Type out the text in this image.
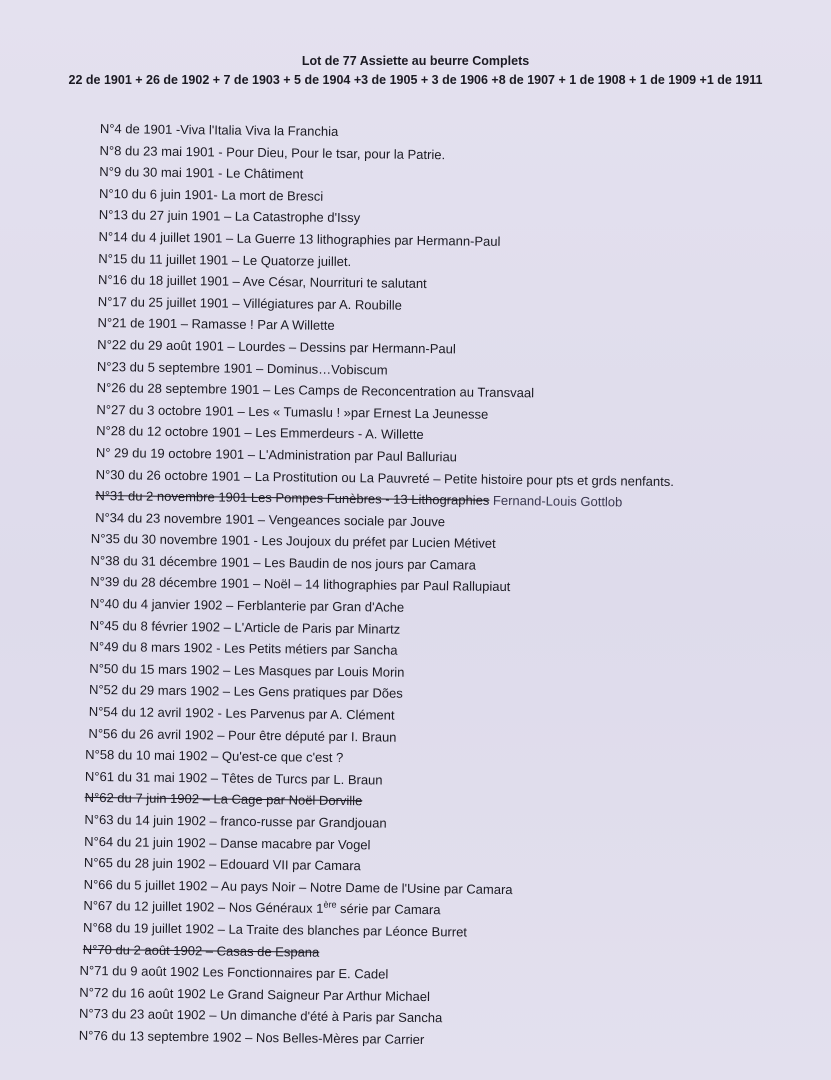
Lot de 77 Assiette au beurre Complets
22 de 1901 + 26 de 1902 + 7 de 1903 + 5 de 1904 +3 de 1905 + 3 de 1906 +8 de 1907 + 1 de 1908 + 1 de 1909 +1 de 1911
N°4 de 1901 -Viva l'Italia Viva la Franchia
N°8 du 23 mai 1901 - Pour Dieu, Pour le tsar, pour la Patrie.
N°9 du 30 mai 1901 - Le Châtiment
N°10 du 6 juin 1901- La mort de Bresci
N°13 du 27 juin 1901 – La Catastrophe d'Issy
N°14 du 4 juillet 1901 – La Guerre 13 lithographies par Hermann-Paul
N°15 du 11 juillet 1901 – Le Quatorze juillet.
N°16 du 18 juillet 1901 – Ave César, Nourrituri te salutant
N°17 du 25 juillet 1901 – Villégiatures par A. Roubille
N°21 de 1901 – Ramasse ! Par A Willette
N°22 du 29 août 1901 – Lourdes – Dessins par Hermann-Paul
N°23 du 5 septembre 1901 – Dominus…Vobiscum
N°26 du 28 septembre 1901 – Les Camps de Reconcentration au Transvaal
N°27 du 3 octobre 1901 – Les « Tumaslu ! »par Ernest La Jeunesse
N°28 du 12 octobre 1901 – Les Emmerdeurs - A. Willette
N° 29 du 19 octobre 1901 – L'Administration par Paul Balluriau
N°30 du 26 octobre 1901 – La Prostitution ou La Pauvreté – Petite histoire pour pts et grds nenfants.
N°31 du 2 novembre 1901 Les Pompes Funèbres - 13 Lithographies Fernand-Louis Gottlob
N°34 du 23 novembre 1901 – Vengeances sociale par Jouve
N°35 du 30 novembre 1901 - Les Joujoux du préfet par Lucien Métivet
N°38 du 31 décembre 1901 – Les Baudin de nos jours par Camara
N°39 du 28 décembre 1901 – Noël – 14 lithographies par Paul Rallupiaut
N°40 du 4 janvier 1902 – Ferblanterie par Gran d'Ache
N°45 du 8 février 1902 – L'Article de Paris par Minartz
N°49 du 8 mars 1902 - Les Petits métiers par Sancha
N°50 du 15 mars 1902 – Les Masques par Louis Morin
N°52 du 29 mars 1902 – Les Gens pratiques par Dões
N°54 du 12 avril 1902 - Les Parvenus par A. Clément
N°56 du 26 avril 1902 – Pour être député par I. Braun
N°58 du 10 mai 1902 – Qu'est-ce que c'est ?
N°61 du 31 mai 1902 – Têtes de Turcs par L. Braun
N°62 du 7 juin 1902 – La Cage par Noël Dorville
N°63 du 14 juin 1902 – franco-russe par Grandjouan
N°64 du 21 juin 1902 – Danse macabre par Vogel
N°65 du 28 juin 1902 – Edouard VII par Camara
N°66 du 5 juillet 1902 – Au pays Noir – Notre Dame de l'Usine par Camara
N°67 du 12 juillet 1902 – Nos Généraux 1ère série par Camara
N°68 du 19 juillet 1902 – La Traite des blanches par Léonce Burret
N°70 du 2 août 1902 – Casas de Espana
N°71 du 9 août 1902 Les Fonctionnaires par E. Cadel
N°72 du 16 août 1902 Le Grand Saigneur Par Arthur Michael
N°73 du 23 août 1902 – Un dimanche d'été à Paris par Sancha
N°76 du 13 septembre 1902 – Nos Belles-Mères par Carrier
